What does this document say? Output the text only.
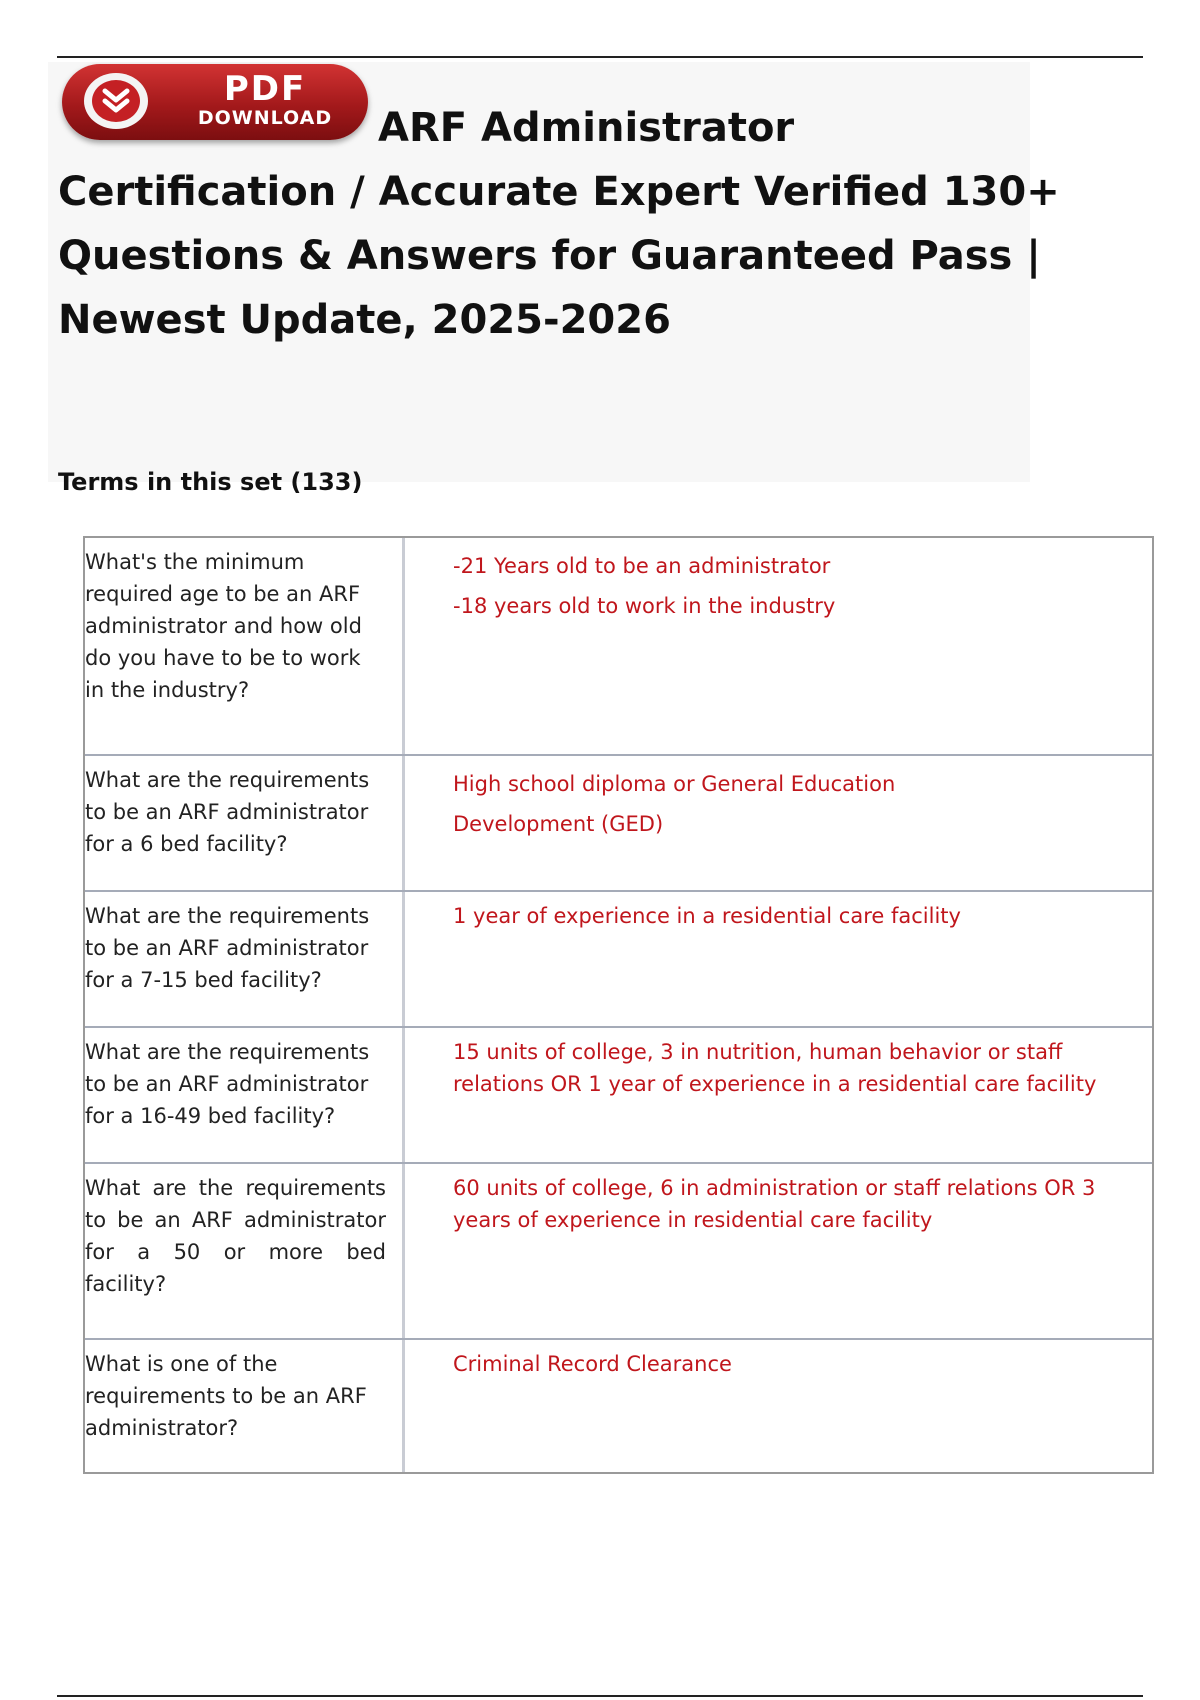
PDF
DOWNLOAD	ARF Administrator Certification / Accurate Expert Verified 130+ Questions & Answers for Guaranteed Pass | Newest Update, 2025-2026
Terms in this set (133)
What's the minimum required age to be an ARF administrator and how old do you have to be to work in the industry?

-21 Years old to be an administrator

-18 years old to work in the industry

What are the requirements to be an ARF administrator for a 6 bed facility?

High school diploma or General Education

Development (GED)

What are the requirements to be an ARF administrator for a 7-15 bed facility?

1 year of experience in a residential care facility

What are the requirements to be an ARF administrator for a 16-49 bed facility?

15 units of college, 3 in nutrition, human behavior or staff relations OR 1 year of experience in a residential care facility

What are the requirements to be an ARF administrator for a 50 or more bed facility?

60 units of college, 6 in administration or staff relations OR 3 years of experience in residential care facility

What is one of the requirements to be an ARF administrator?

Criminal Record Clearance
